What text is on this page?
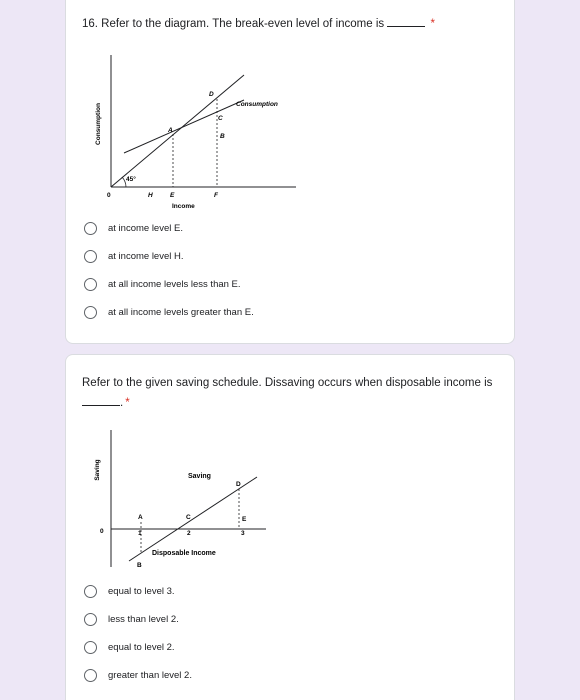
16. Refer to the diagram. The break-even level of income is	*
Consumption
45°
0	H	E	F
Income
A
B
C
D
Consumption
at income level E.
at income level H.
at all income levels less than E.
at all income levels greater than E.
Refer to the given saving schedule. Dissaving occurs when disposable income is
. *
Saving
0
Saving
A
1
B
C
2
D
E
3
Disposable Income
equal to level 3.
less than level 2.
equal to level 2.
greater than level 2.
